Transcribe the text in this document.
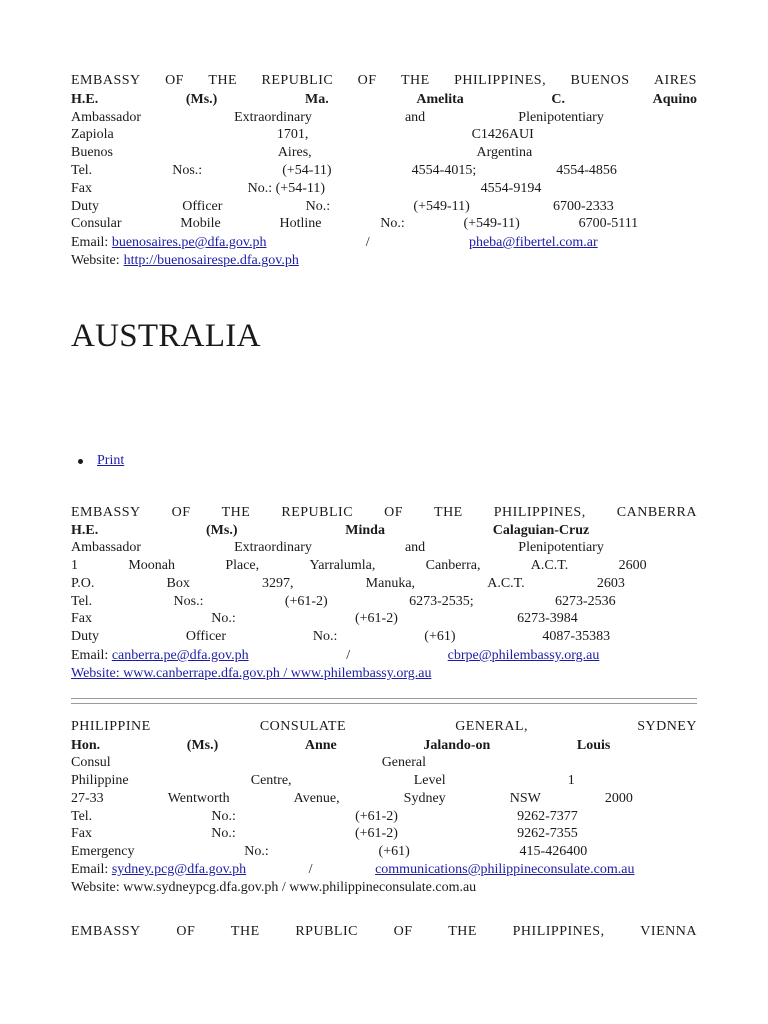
EMBASSY OF THE REPUBLIC OF THE PHILIPPINES, BUENOS AIRES
H.E.	(Ms.)	Ma.	Amelita	C.	Aquino
Ambassador	Extraordinary	and	Plenipotentiary
Zapiola	1701,	C1426AUI
Buenos	Aires,	Argentina
Tel.	Nos.:	(+54-11)	4554-4015;	4554-4856
Fax	No.: (+54-11)	4554-9194
Duty	Officer	No.:	(+549-11)	6700-2333
Consular	Mobile	Hotline	No.:	(+549-11)	6700-5111
Email: buenosaires.pe@dfa.gov.ph	/	pheba@fibertel.com.ar
Website: http://buenosairespe.dfa.gov.ph
AUSTRALIA
Print
EMBASSY OF THE REPUBLIC OF THE PHILIPPINES, CANBERRA
H.E.	(Ms.)	Minda	Calaguian-Cruz
Ambassador	Extraordinary	and	Plenipotentiary
1	Moonah	Place,	Yarralumla,	Canberra,	A.C.T.	2600
P.O.	Box	3297,	Manuka,	A.C.T.	2603
Tel.	Nos.:	(+61-2)	6273-2535;	6273-2536
Fax	No.:	(+61-2)	6273-3984
Duty	Officer	No.:	(+61)	4087-35383
Email: canberra.pe@dfa.gov.ph	/	cbrpe@philembassy.org.au
Website: www.canberrape.dfa.gov.ph / www.philembassy.org.au
PHILIPPINE	CONSULATE	GENERAL,	SYDNEY
Hon.	(Ms.)	Anne	Jalando-on	Louis
Consul	General
Philippine	Centre,	Level	1
27-33	Wentworth	Avenue,	Sydney	NSW	2000
Tel.	No.:	(+61-2)	9262-7377
Fax	No.:	(+61-2)	9262-7355
Emergency	No.:	(+61)	415-426400
Email: sydney.pcg@dfa.gov.ph	/	communications@philippineconsulate.com.au
Website: www.sydneypcg.dfa.gov.ph / www.philippineconsulate.com.au
EMBASSY	OF	THE	RPUBLIC	OF	THE	PHILIPPINES,	VIENNA
